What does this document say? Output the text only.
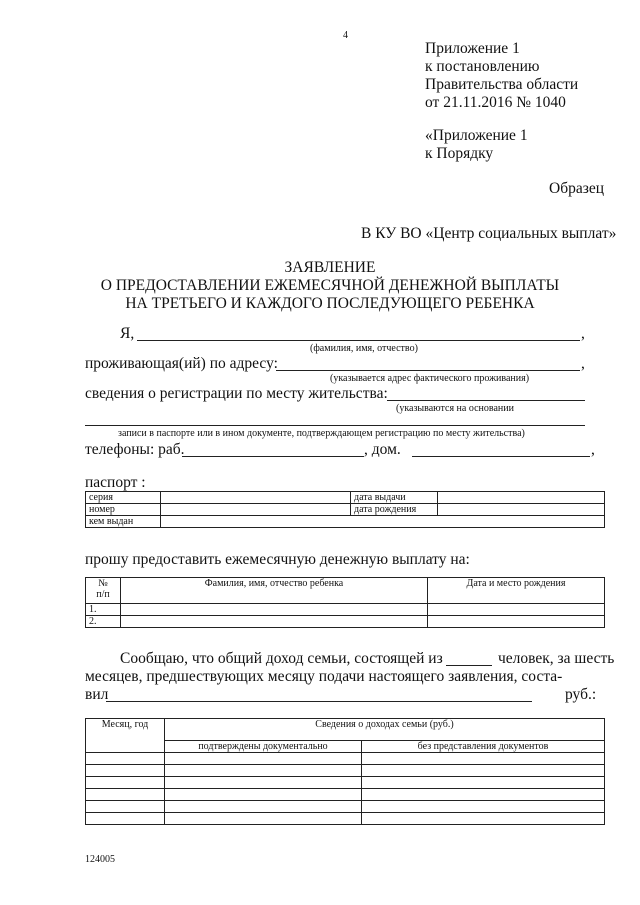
4
Приложение 1
к постановлению
Правительства области
от 21.11.2016 № 1040
«Приложение 1
к Порядку
Образец
В КУ ВО «Центр социальных выплат»
ЗАЯВЛЕНИЕ
О ПРЕДОСТАВЛЕНИИ ЕЖЕМЕСЯЧНОЙ ДЕНЕЖНОЙ ВЫПЛАТЫ
НА ТРЕТЬЕГО И КАЖДОГО ПОСЛЕДУЮЩЕГО РЕБЕНКА
Я,	,
(фамилия, имя, отчество)
проживающая(ий) по адресу:	,
(указывается адрес фактического проживания)
сведения о регистрации по месту жительства:
(указываются на основании
записи в паспорте или в ином документе, подтверждающем регистрацию по месту жительства)
телефоны: раб.	, дом.	,
паспорт :
серия		дата выдачи	
номер		дата рождения	
кем выдан			
прошу предоставить ежемесячную денежную выплату на:
№
п/п	Фамилия, имя, отчество ребенка	Дата и место рождения
1.		
2.		
Сообщаю, что общий доход семьи, состоящей из	человек, за шесть
месяцев, предшествующих месяцу подачи настоящего заявления, соста-
вил	руб.:
Месяц, год	Сведения о доходах семьи (руб.)	
	подтверждены документально	без представления документов

124005
